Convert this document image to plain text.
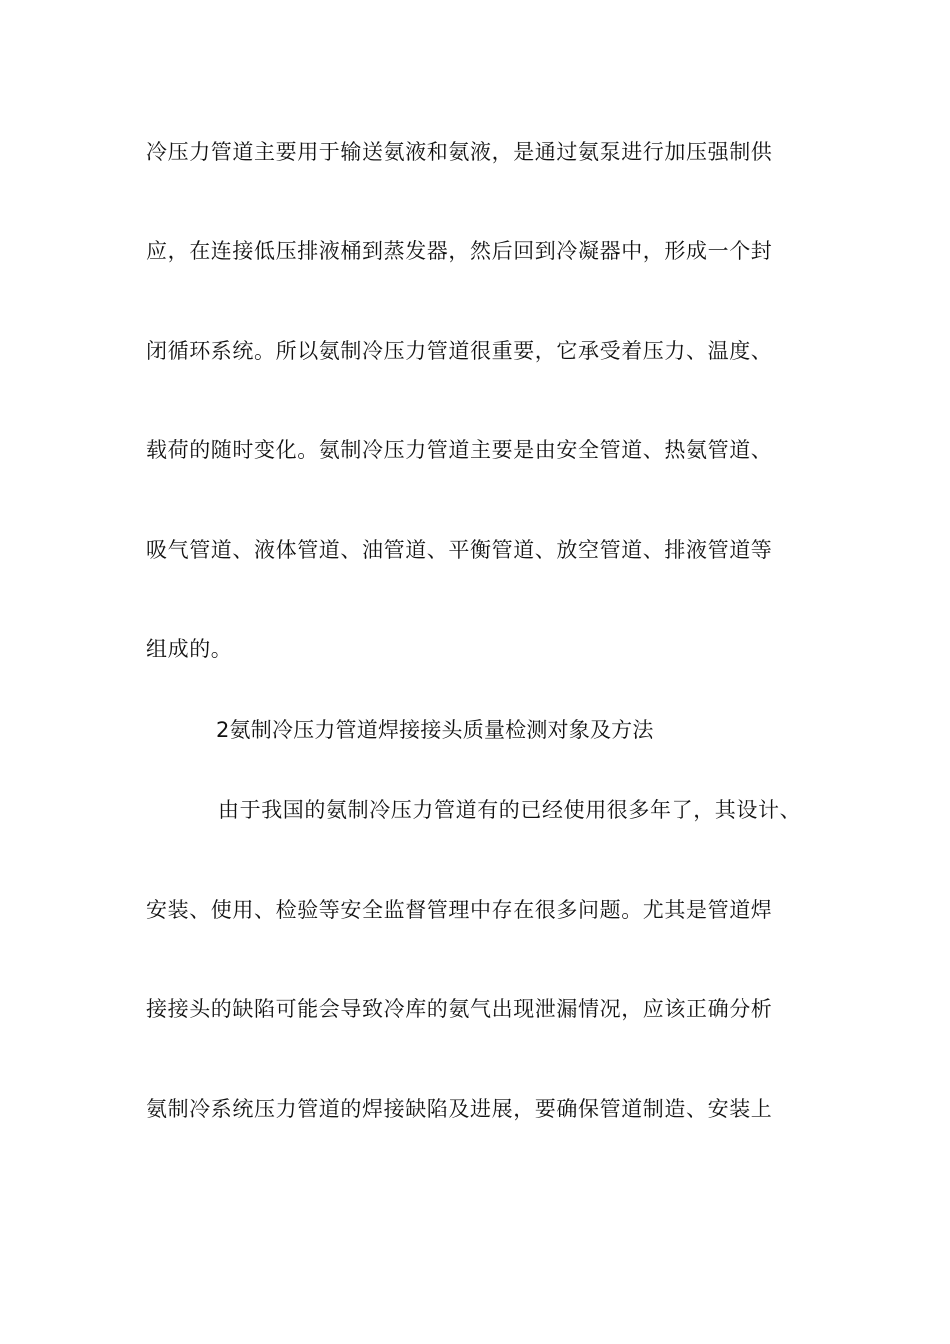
冷压力管道主要用于输送氨液和氨液，是通过氨泵进行加压强制供
应，在连接低压排液桶到蒸发器，然后回到冷凝器中，形成一个封
闭循环系统。所以氨制冷压力管道很重要，它承受着压力、温度、
载荷的随时变化。氨制冷压力管道主要是由安全管道、热氨管道、
吸气管道、液体管道、油管道、平衡管道、放空管道、排液管道等
组成的。
2氨制冷压力管道焊接接头质量检测对象及方法
由于我国的氨制冷压力管道有的已经使用很多年了，其设计、
安装、使用、检验等安全监督管理中存在很多问题。尤其是管道焊
接接头的缺陷可能会导致冷库的氨气出现泄漏情况，应该正确分析
氨制冷系统压力管道的焊接缺陷及进展，要确保管道制造、安装上
